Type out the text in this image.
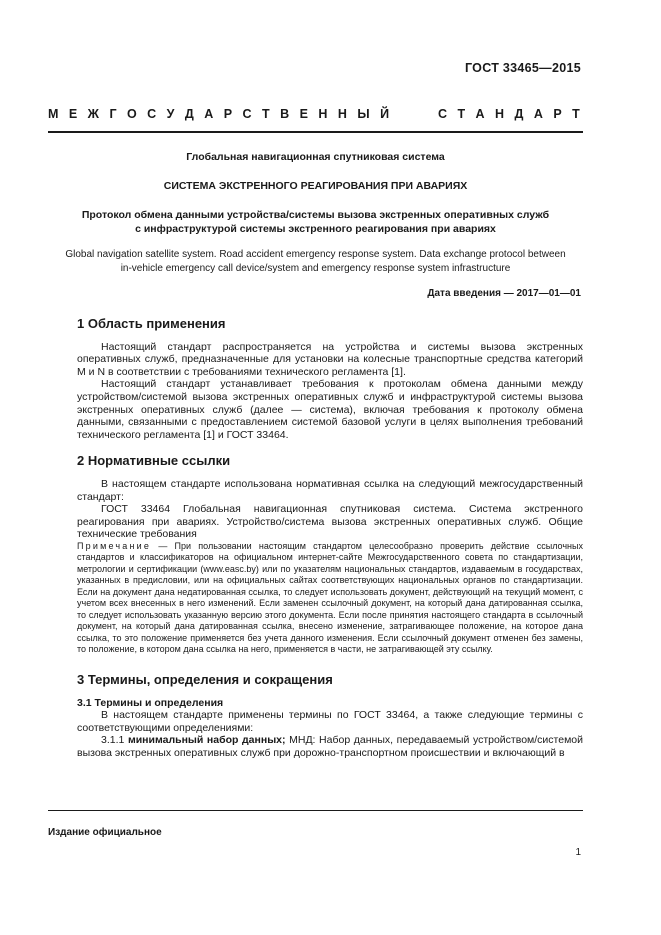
ГОСТ 33465—2015
М Е Ж Г О С У Д А Р С Т В Е Н Н Ы Й	С Т А Н Д А Р Т

Глобальная навигационная спутниковая система

СИСТЕМА ЭКСТРЕННОГО РЕАГИРОВАНИЯ ПРИ АВАРИЯХ

Протокол обмена данными устройства/системы вызова экстренных оперативных служб
с инфраструктурой системы экстренного реагирования при авариях

Global navigation satellite system. Road accident emergency response system. Data exchange protocol between
in-vehicle emergency call device/system and emergency response system infrastructure

Дата введения — 2017—01—01
1 Область применения

Настоящий стандарт распространяется на устройства и системы вызова экстренных оперативных служб, предназначенные для установки на колесные транспортные средства категорий М и N в соответствии с требованиями технического регламента [1].

Настоящий стандарт устанавливает требования к протоколам обмена данными между устройством/системой вызова экстренных оперативных служб и инфраструктурой системы вызова экстренных оперативных служб (далее — система), включая требования к протоколу обмена данными, связанными с предоставлением системой базовой услуги в целях выполнения требований технического регламента [1] и ГОСТ 33464.

2 Нормативные ссылки

В настоящем стандарте использована нормативная ссылка на следующий межгосударственный стандарт:

ГОСТ 33464 Глобальная навигационная спутниковая система. Система экстренного реагирования при авариях. Устройство/система вызова экстренных оперативных служб. Общие технические требования

Примечание — При пользовании настоящим стандартом целесообразно проверить действие ссылочных стандартов и классификаторов на официальном интернет-сайте Межгосударственного совета по стандартизации, метрологии и сертификации (www.easc.by) или по указателям национальных стандартов, издаваемым в государствах, указанных в предисловии, или на официальных сайтах соответствующих национальных органов по стандартизации. Если на документ дана недатированная ссылка, то следует использовать документ, действующий на текущий момент, с учетом всех внесенных в него изменений. Если заменен ссылочный документ, на который дана датированная ссылка, то следует использовать указанную версию этого документа. Если после принятия настоящего стандарта в ссылочный документ, на который дана датированная ссылка, внесено изменение, затрагивающее положение, на которое дана ссылка, то это положение применяется без учета данного изменения. Если ссылочный документ отменен без замены, то положение, в котором дана ссылка на него, применяется в части, не затрагивающей эту ссылку.

3 Термины, определения и сокращения

3.1 Термины и определения

В настоящем стандарте применены термины по ГОСТ 33464, а также следующие термины с соответствующими определениями:

3.1.1 минимальный набор данных; МНД: Набор данных, передаваемый устройством/системой вызова экстренных оперативных служб при дорожно-транспортном происшествии и включающий в

Издание официальное
1
